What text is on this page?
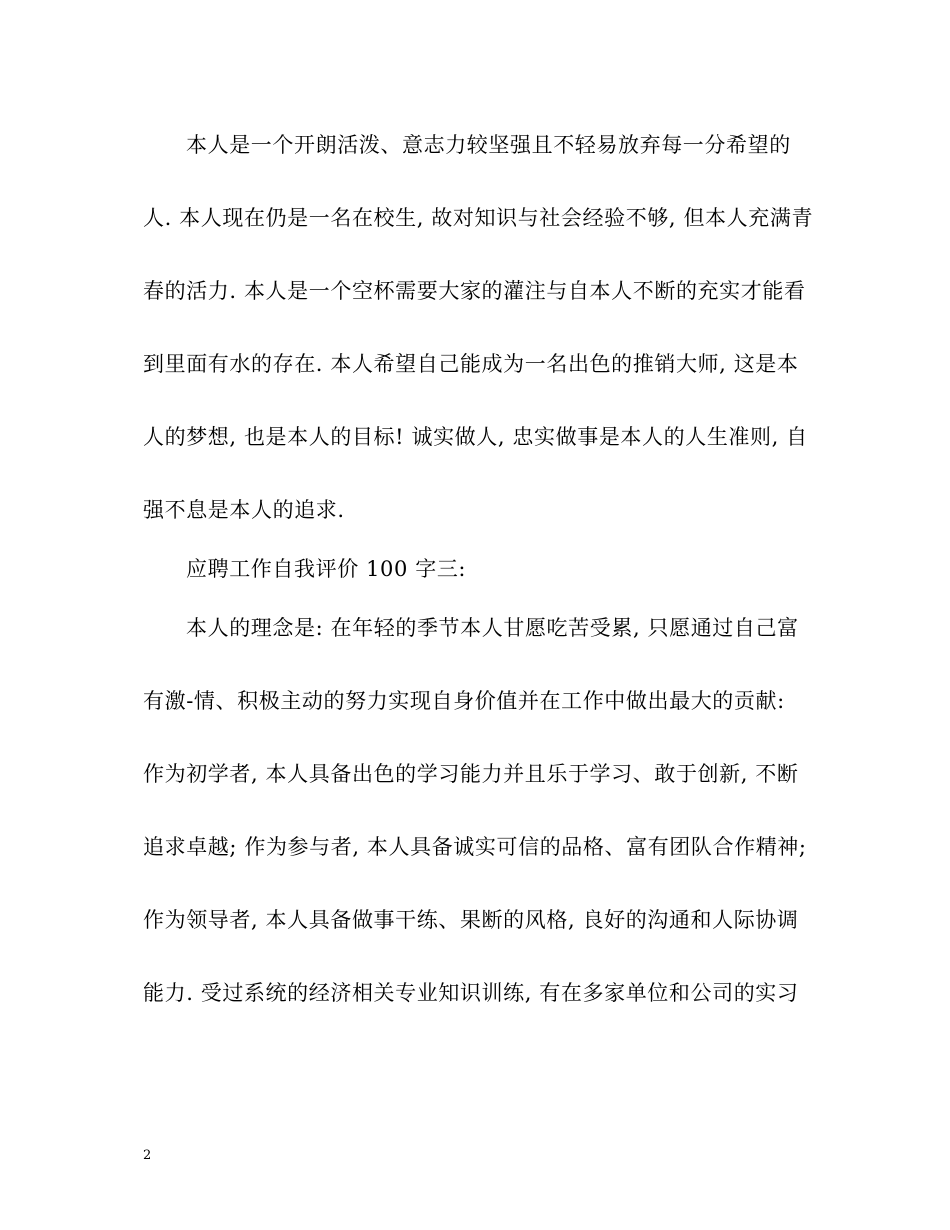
本人是一个开朗活泼、意志力较坚强且不轻易放弃每一分希望的
人. 本人现在仍是一名在校生, 故对知识与社会经验不够, 但本人充满青
春的活力. 本人是一个空杯需要大家的灌注与自本人不断的充实才能看
到里面有水的存在. 本人希望自己能成为一名出色的推销大师, 这是本
人的梦想, 也是本人的目标! 诚实做人, 忠实做事是本人的人生准则, 自
强不息是本人的追求.
应聘工作自我评价 100 字三:
本人的理念是: 在年轻的季节本人甘愿吃苦受累, 只愿通过自己富
有激-情、积极主动的努力实现自身价值并在工作中做出最大的贡献:
作为初学者, 本人具备出色的学习能力并且乐于学习、敢于创新, 不断
追求卓越; 作为参与者, 本人具备诚实可信的品格、富有团队合作精神;
作为领导者, 本人具备做事干练、果断的风格, 良好的沟通和人际协调
能力. 受过系统的经济相关专业知识训练, 有在多家单位和公司的实习
2
